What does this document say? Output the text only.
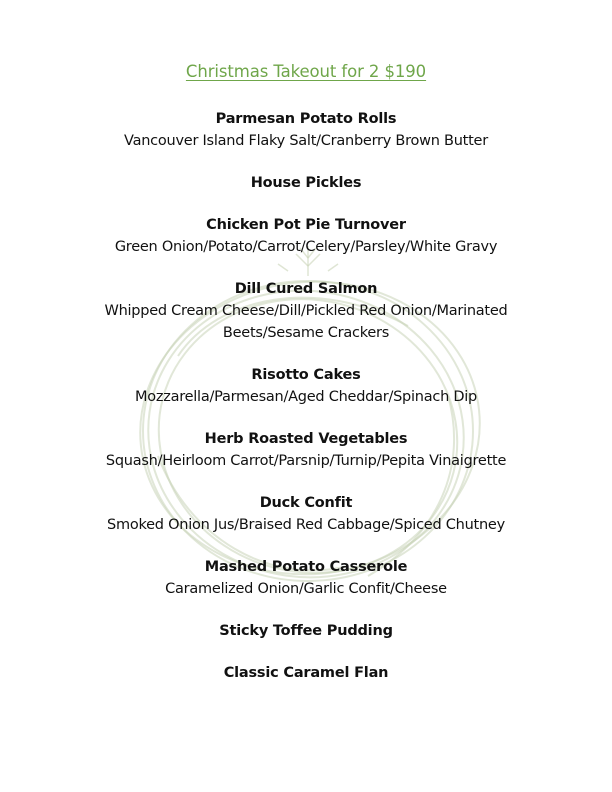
Christmas Takeout for 2 $190
Parmesan Potato Rolls
Vancouver Island Flaky Salt/Cranberry Brown Butter
House Pickles
Chicken Pot Pie Turnover
Green Onion/Potato/Carrot/Celery/Parsley/White Gravy
Dill Cured Salmon
Whipped Cream Cheese/Dill/Pickled Red Onion/Marinated Beets/Sesame Crackers
Risotto Cakes
Mozzarella/Parmesan/Aged Cheddar/Spinach Dip
Herb Roasted Vegetables
Squash/Heirloom Carrot/Parsnip/Turnip/Pepita Vinaigrette
Duck Confit
Smoked Onion Jus/Braised Red Cabbage/Spiced Chutney
Mashed Potato Casserole
Caramelized Onion/Garlic Confit/Cheese
Sticky Toffee Pudding
Classic Caramel Flan
